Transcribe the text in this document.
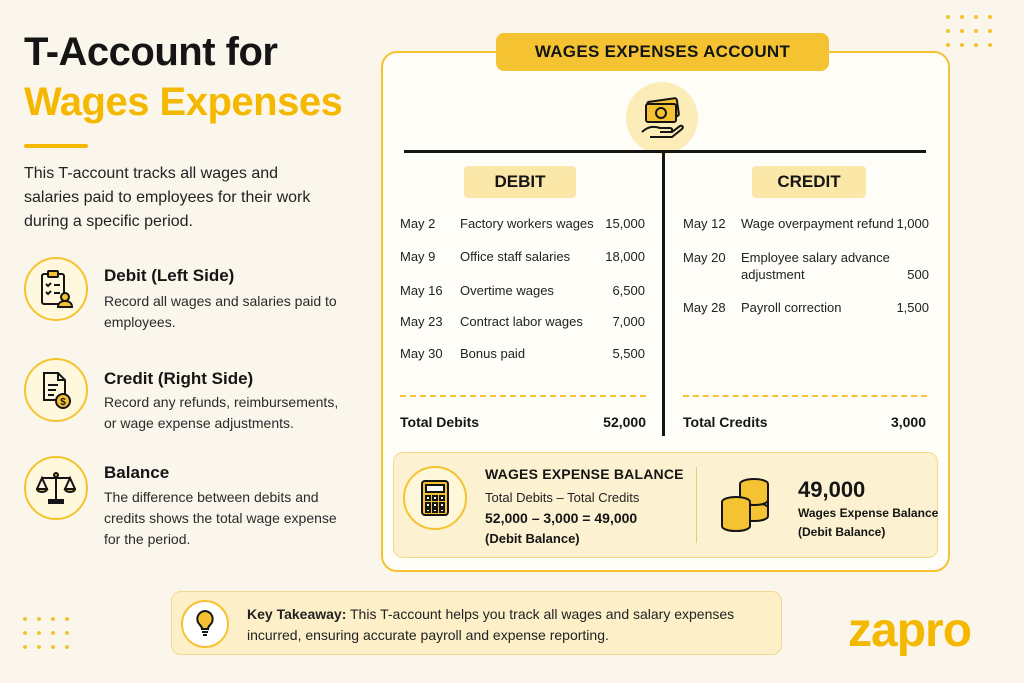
T-Account for
Wages Expenses
This T-account tracks all wages and salaries paid to employees for their work during a specific period.
Debit (Left Side)
Record all wages and salaries paid to employees.
$
Credit (Right Side)
Record any refunds, reimbursements, or wage expense adjustments.
Balance
The difference between debits and credits shows the total wage expense for the period.
WAGES EXPENSES ACCOUNT
DEBIT	CREDIT
May 2 Factory workers wages 15,000
May 9 Office staff salaries	18,000
May 16 Overtime wages	6,500
May 23 Contract labor wages	7,000
May 30 Bonus paid	5,500
May 12 Wage overpayment refund 1,000
May 20 Employee salary advance
adjustment	500
May 28 Payroll correction	1,500
Total Debits	52,000	Total Credits	3,000
WAGES EXPENSE BALANCE
Total Debits – Total Credits
52,000 – 3,000 = 49,000
(Debit Balance)
49,000
Wages Expense Balance
(Debit Balance)
Key Takeaway: This T-account helps you track all wages and salary expenses incurred, ensuring accurate payroll and expense reporting.	zapro
